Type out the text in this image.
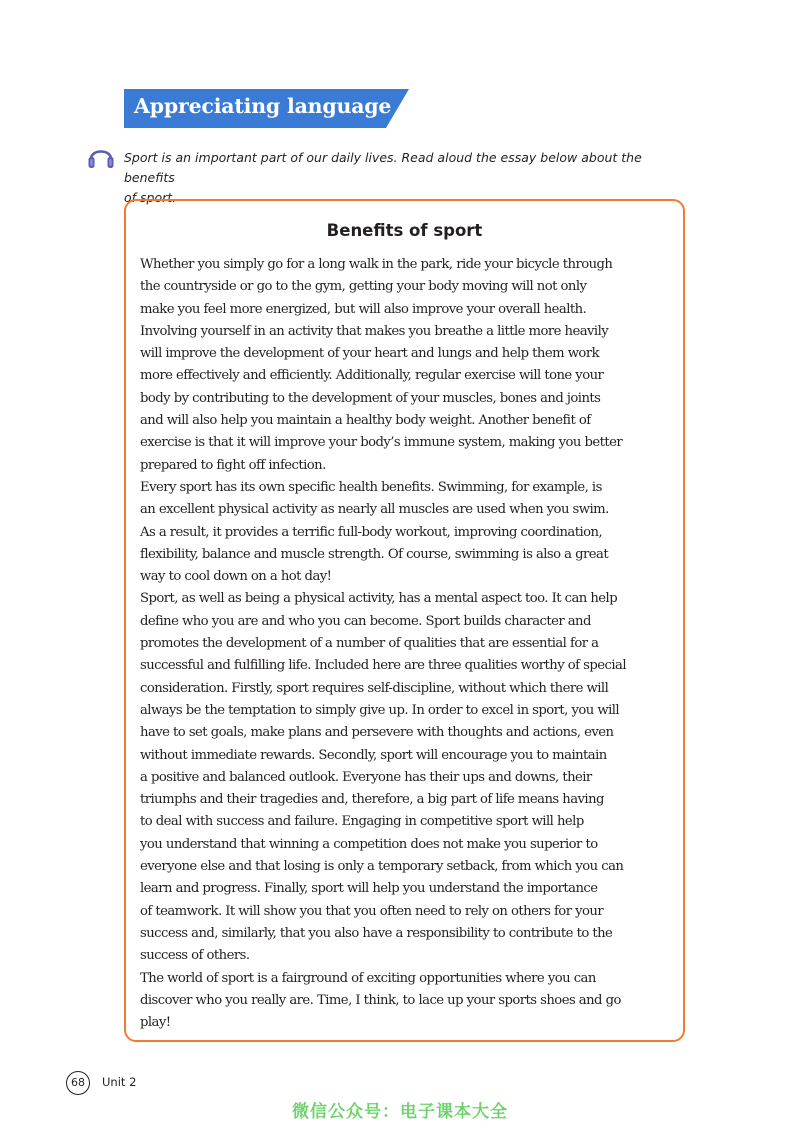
Appreciating language
Sport is an important part of our daily lives. Read aloud the essay below about the benefits
of sport.
Benefits of sport
Whether you simply go for a long walk in the park, ride your bicycle through
the countryside or go to the gym, getting your body moving will not only
make you feel more energized, but will also improve your overall health.
Involving yourself in an activity that makes you breathe a little more heavily
will improve the development of your heart and lungs and help them work
more effectively and efficiently. Additionally, regular exercise will tone your
body by contributing to the development of your muscles, bones and joints
and will also help you maintain a healthy body weight. Another benefit of
exercise is that it will improve your body’s immune system, making you better
prepared to fight off infection.
Every sport has its own specific health benefits. Swimming, for example, is
an excellent physical activity as nearly all muscles are used when you swim.
As a result, it provides a terrific full-body workout, improving coordination,
flexibility, balance and muscle strength. Of course, swimming is also a great
way to cool down on a hot day!
Sport, as well as being a physical activity, has a mental aspect too. It can help
define who you are and who you can become. Sport builds character and
promotes the development of a number of qualities that are essential for a
successful and fulfilling life. Included here are three qualities worthy of special
consideration. Firstly, sport requires self-discipline, without which there will
always be the temptation to simply give up. In order to excel in sport, you will
have to set goals, make plans and persevere with thoughts and actions, even
without immediate rewards. Secondly, sport will encourage you to maintain
a positive and balanced outlook. Everyone has their ups and downs, their
triumphs and their tragedies and, therefore, a big part of life means having
to deal with success and failure. Engaging in competitive sport will help
you understand that winning a competition does not make you superior to
everyone else and that losing is only a temporary setback, from which you can
learn and progress. Finally, sport will help you understand the importance
of teamwork. It will show you that you often need to rely on others for your
success and, similarly, that you also have a responsibility to contribute to the
success of others.
The world of sport is a fairground of exciting opportunities where you can
discover who you really are. Time, I think, to lace up your sports shoes and go
play!
68	Unit 2
微信公众号：电子课本大全
